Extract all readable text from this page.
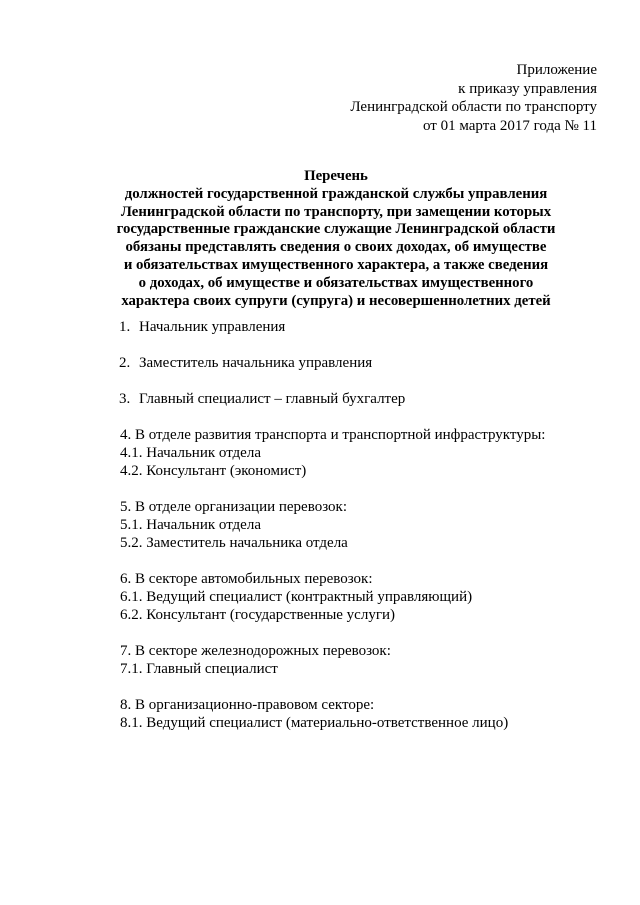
Приложение
к приказу управления
Ленинградской области по транспорту
от 01 марта 2017 года № 11
Перечень
должностей государственной гражданской службы управления
Ленинградской области по транспорту, при замещении которых
государственные гражданские служащие Ленинградской области
обязаны представлять сведения о своих доходах, об имуществе
и обязательствах имущественного характера, а также сведения
о доходах, об имуществе и обязательствах имущественного
характера своих супруги (супруга) и несовершеннолетних детей
1. Начальник управления
2. Заместитель начальника управления
3. Главный специалист – главный бухгалтер
4. В отделе развития транспорта и транспортной инфраструктуры:
4.1. Начальник отдела
4.2. Консультант (экономист)
5. В отделе организации перевозок:
5.1. Начальник отдела
5.2. Заместитель начальника отдела
6. В секторе автомобильных перевозок:
6.1. Ведущий специалист (контрактный управляющий)
6.2. Консультант (государственные услуги)
7. В секторе железнодорожных перевозок:
7.1. Главный специалист
8. В организационно-правовом секторе:
8.1. Ведущий специалист (материально-ответственное лицо)
